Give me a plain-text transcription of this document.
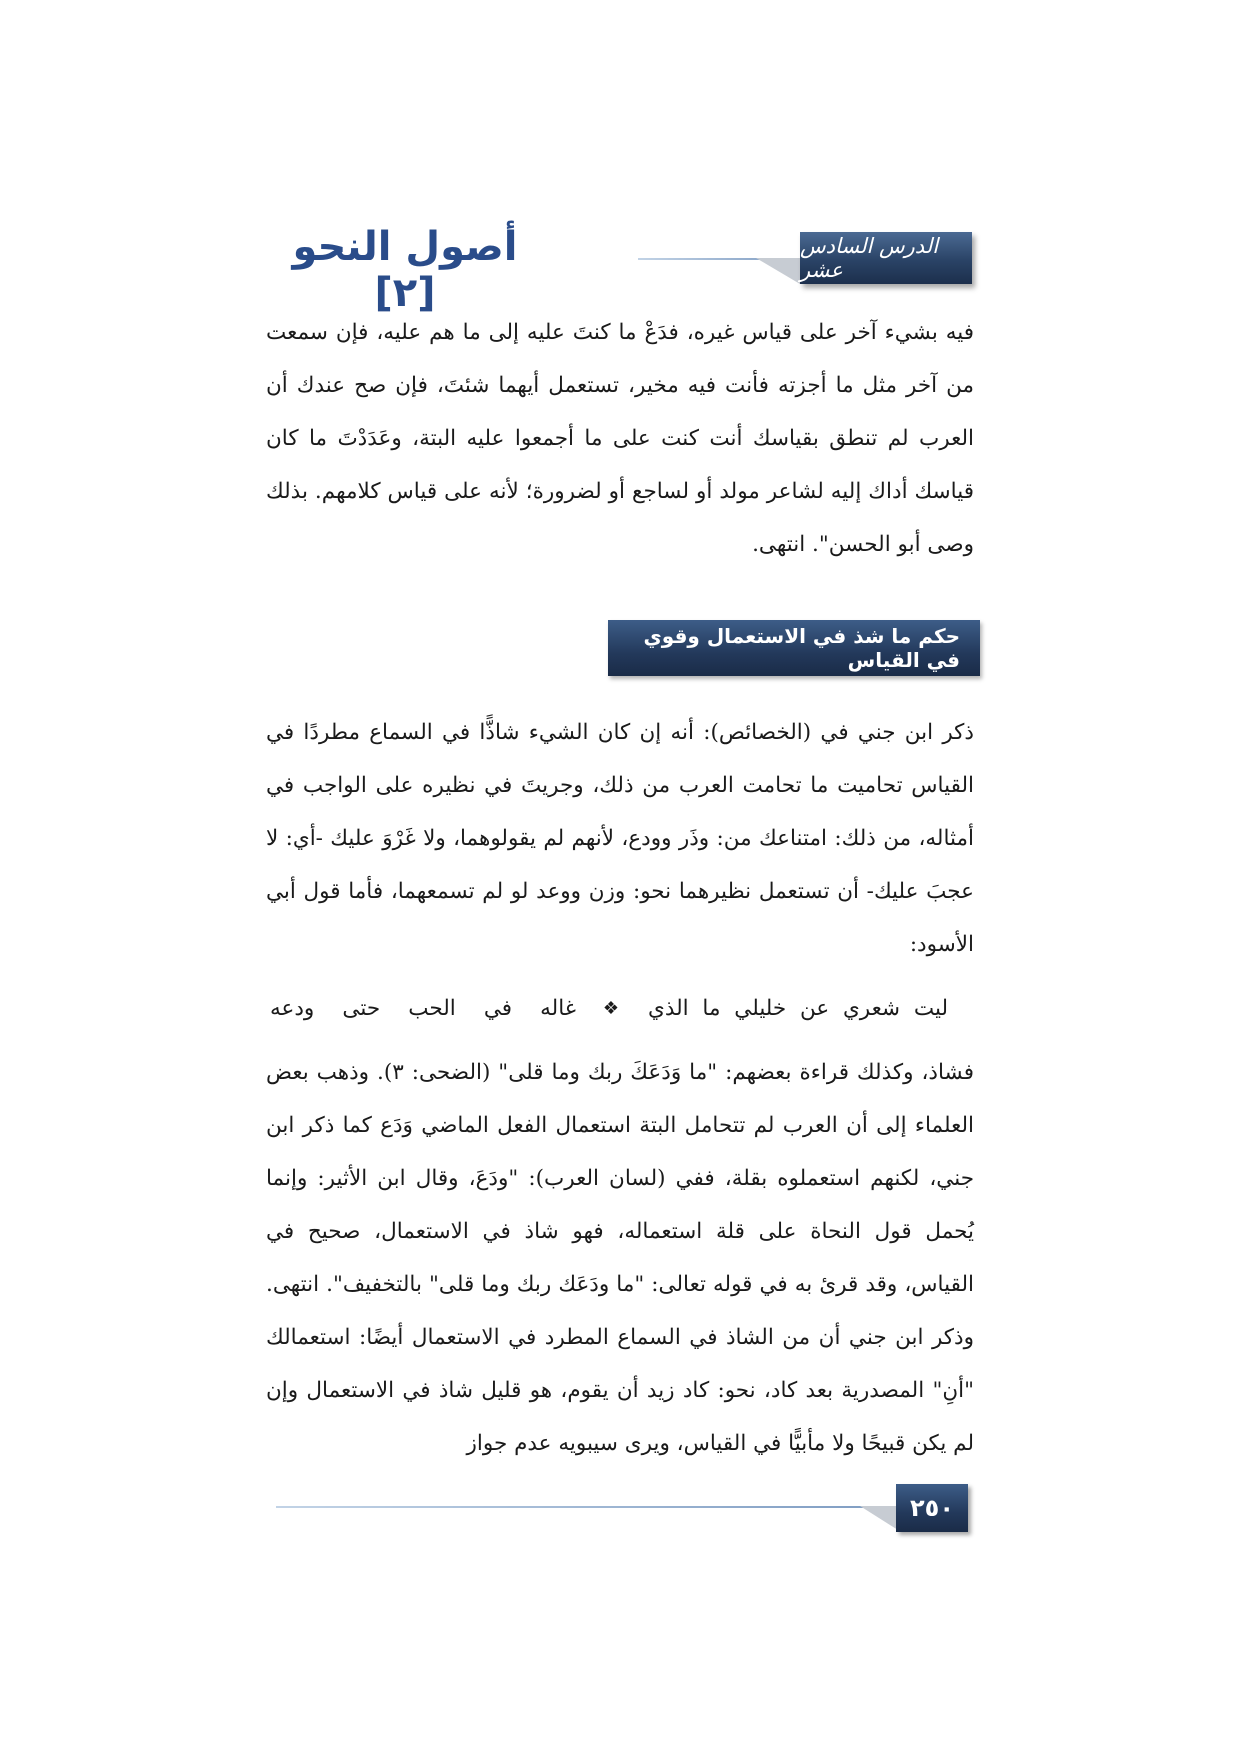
أصول النحو [٢]
الدرس السادس عشر
فيه بشيء آخر على قياس غيره، فدَعْ ما كنتَ عليه إلى ما هم عليه، فإن سمعت من آخر مثل ما أجزته فأنت فيه مخير، تستعمل أيهما شئتَ، فإن صح عندك أن العرب لم تنطق بقياسك أنت كنت على ما أجمعوا عليه البتة، وعَدَدْتَ ما كان قياسك أداك إليه لشاعر مولد أو لساجع أو لضرورة؛ لأنه على قياس كلامهم. بذلك وصى أبو الحسن". انتهى.
حكم ما شذ في الاستعمال وقوي في القياس
ذكر ابن جني في (الخصائص): أنه إن كان الشيء شاذًّا في السماع مطردًا في القياس تحاميت ما تحامت العرب من ذلك، وجريتَ في نظيره على الواجب في أمثاله، من ذلك: امتناعك من: وذَر وودع، لأنهم لم يقولوهما، ولا غَرْوَ عليك -أي: لا عجبَ عليك- أن تستعمل نظيرهما نحو: وزن ووعد لو لم تسمعهما، فأما قول أبي الأسود:
ليت شعري عن خليلي ما الذي
❖
غاله في الحب حتى ودعه
فشاذ، وكذلك قراءة بعضهم: "ما وَدَعَكَ ربك وما قلى" (الضحى: ٣). وذهب بعض العلماء إلى أن العرب لم تتحامل البتة استعمال الفعل الماضي وَدَع كما ذكر ابن جني، لكنهم استعملوه بقلة، ففي (لسان العرب): "ودَعَ، وقال ابن الأثير: وإنما يُحمل قول النحاة على قلة استعماله، فهو شاذ في الاستعمال، صحيح في القياس، وقد قرئ به في قوله تعالى: "ما ودَعَك ربك وما قلى" بالتخفيف". انتهى. وذكر ابن جني أن من الشاذ في السماع المطرد في الاستعمال أيضًا: استعمالك "أنِ" المصدرية بعد كاد، نحو: كاد زيد أن يقوم، هو قليل شاذ في الاستعمال وإن لم يكن قبيحًا ولا مأبيًّا في القياس، ويرى سيبويه عدم جواز
٢٥٠
